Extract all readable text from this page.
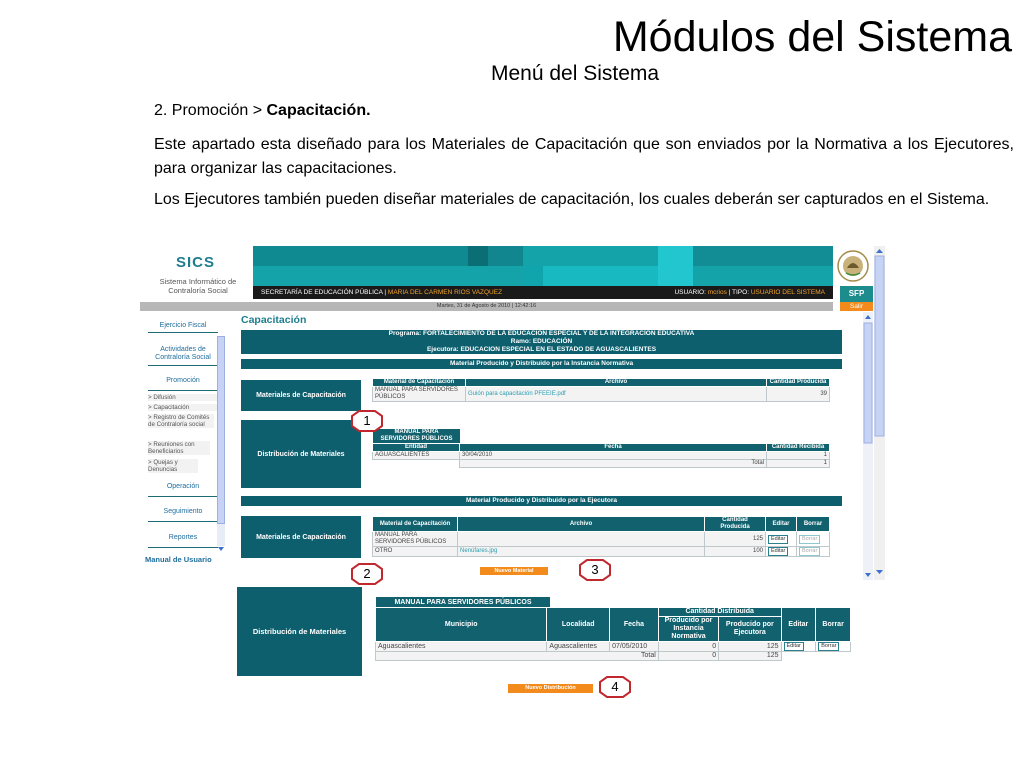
Módulos del Sistema
Menú del Sistema
2. Promoción > Capacitación.
Este apartado esta diseñado para los Materiales de Capacitación que son enviados por la Normativa a los Ejecutores, para organizar las capacitaciones.
Los Ejecutores también pueden diseñar materiales de capacitación, los cuales deberán ser capturados en el Sistema.
SICS
Sistema Informático de Contraloría Social	SECRETARÍA DE EDUCACIÓN PÚBLICA | MARIA DEL CARMEN RIOS VAZQUEZ	USUARIO: mcrios | TIPO: USUARIO DEL SISTEMA
Martes, 31 de Agosto de 2010 | 12:42:16
SFP
Salir
Ejercicio Fiscal
Actividades de Contraloría Social
Promoción
> Difusión
> Capacitación
> Registro de Comités de Contraloría social
> Reuniones con Beneficiarios
> Quejas y Denuncias
Operación
Seguimiento
Reportes
Manual de Usuario
Capacitación
Programa: FORTALECIMIENTO DE LA EDUCACIÓN ESPECIAL Y DE LA INTEGRACIÓN EDUCATIVA
Ramo: EDUCACIÓN
Ejecutora: EDUCACION ESPECIAL EN EL ESTADO DE AGUASCALIENTES
Material Producido y Distribuido por la Instancia Normativa
Materiales de Capacitación
Material de Capacitación	Archivo	Cantidad Producida
MANUAL PARA SERVIDORES PÚBLICOS	Guión para capacitación PFEEIE.pdf	39
Distribución de Materiales
MANUAL PARA SERVIDORES PÚBLICOS
Entidad	Fecha	Cantidad Recibida
AGUASCALIENTES	30/04/2010	1
	Total	1
Material Producido y Distribuido por la Ejecutora
Materiales de Capacitación
Material de Capacitación	Archivo	Cantidad Producida	Editar	Borrar
MANUAL PARA SERVIDORES PÚBLICOS		125	Editar	Borrar
OTRO	Nenúfares.jpg	100	Editar	Borrar
Nuevo Material
Distribución de Materiales
MANUAL PARA SERVIDORES PÚBLICOS
Municipio	Localidad	Fecha	Cantidad Distribuida		Editar	Borrar
			Producido por Instancia Normativa	Producido por Ejecutora		
Aguascalientes	Aguascalientes	07/05/2010	0	125	Editar	Borrar
Total			0	125		
Nuevo Distribución
1
2	3
4
